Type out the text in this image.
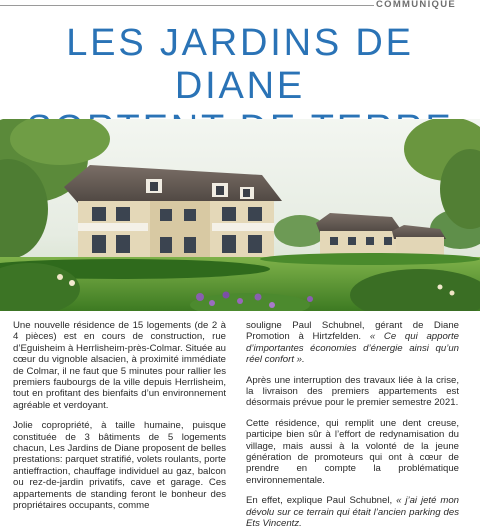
COMMUNIQUÉ
LES JARDINS DE DIANE

Une nouvelle résidence de 15 logements (de 2 à 4 pièces) est en cours de construction, rue d’Eguisheim à Herrlisheim-près-Colmar. Située au cœur du vignoble alsacien, à proximité immédiate de Colmar, il ne faut que 5 minutes pour rallier les premiers faubourgs de la ville depuis Herrlisheim, tout en profitant des bienfaits d’un environnement agréable et verdoyant.

Jolie copropriété, à taille humaine, puisque constituée de 3 bâtiments de 5 logements chacun, Les Jardins de Diane proposent de belles prestations: parquet stratifié, volets roulants, porte antieffraction, chauffage individuel au gaz, balcon ou rez-de-jardin privatifs, cave et garage. Ces appartements de standing feront le bonheur des propriétaires occupants, comme

souligne Paul Schubnel, gérant de Diane Promotion à Hirtzfelden. « Ce qui apporte d’importantes économies d’énergie ainsi qu’un réel confort ».

Après une interruption des travaux liée à la crise, la livraison des premiers appartements est désormais prévue pour le premier semestre 2021.

Cette résidence, qui remplit une dent creuse, participe bien sûr à l’effort de redynamisation du village, mais aussi à la volonté de la jeune génération de promoteurs qui ont à cœur de prendre en compte la problématique environnementale.

En effet, explique Paul Schubnel, « j’ai jeté mon dévolu sur ce terrain qui était l’ancien parking des Ets Vincentz.
